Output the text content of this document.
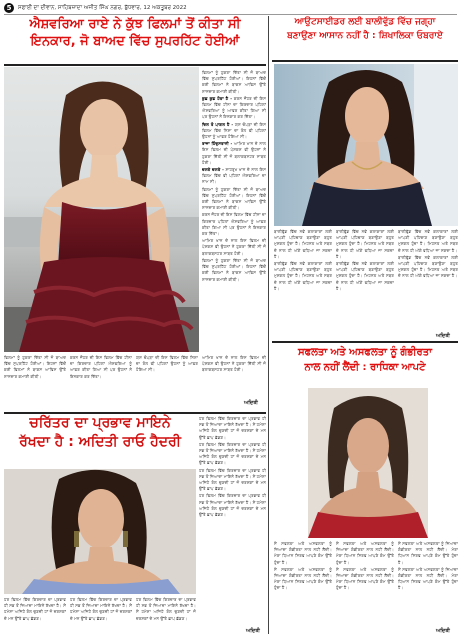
5	ਸਫਾਈ ਦਾ ਦੀਵਾਨ, ਸਾਹਿਬਜ਼ਾਦਾ ਅਜੀਤ ਸਿੰਘ ਨਗਰ, ਬੁੱਧਵਾਰ, 12 ਅਕਤੂਬਰ 2022
ਐਸ਼ਵਰਿਆ ਰਾਏ ਨੇ ਕੁੱਝ ਫਿਲਮਾਂ ਤੋਂ ਕੀਤਾ ਸੀ
ਇਨਕਾਰ, ਜੋ ਬਾਅਦ ਵਿੱਚ ਸੁਪਰਹਿੱਟ ਹੋਈਆਂ

ਫਿਲਮਾਂ ਨੂੰ ਠੁਕਰਾ ਦਿੱਤਾ ਸੀ ਜੋ ਬਾਅਦ ਵਿੱਚ ਸੁਪਰਹਿੱਟ ਹੋਈਆਂ। ਇਹਨਾਂ ਵਿੱਚੋਂ ਕਈ ਫਿਲਮਾਂ ਨੇ ਬਾਕਸ ਆਫਿਸ ਉੱਤੇ ਸ਼ਾਨਦਾਰ ਕਮਾਈ ਕੀਤੀ।

ਕੁਛ ਕੁਛ ਹੋਤਾ ਹੈ - ਕਰਨ ਜੌਹਰ ਦੀ ਇਸ ਫਿਲਮ ਵਿੱਚ ਟੀਨਾ ਦਾ ਕਿਰਦਾਰ ਪਹਿਲਾਂ ਐਸ਼ਵਰਿਆ ਨੂੰ ਆਫਰ ਕੀਤਾ ਗਿਆ ਸੀ ਪਰ ਉਹਨਾਂ ਨੇ ਇਨਕਾਰ ਕਰ ਦਿੱਤਾ।

ਦਿਲ ਤੋ ਪਾਗਲ ਹੈ - ਯਸ਼ ਚੋਪੜਾ ਦੀ ਇਸ ਫਿਲਮ ਵਿੱਚ ਨਿਸ਼ਾ ਦਾ ਰੋਲ ਵੀ ਪਹਿਲਾਂ ਉਹਨਾਂ ਨੂੰ ਆਫਰ ਹੋਇਆ ਸੀ।

ਰਾਜਾ ਹਿੰਦੁਸਤਾਨੀ - ਆਮਿਰ ਖਾਨ ਦੇ ਨਾਲ ਇਸ ਫਿਲਮ ਦੀ ਪੇਸ਼ਕਸ਼ ਵੀ ਉਹਨਾਂ ਨੇ ਠੁਕਰਾ ਦਿੱਤੀ ਸੀ ਜੋ ਬਲਾਕਬਸਟਰ ਸਾਬਤ ਹੋਈ।

ਚਲਤੇ ਚਲਤੇ - ਸ਼ਾਹਰੁਖ ਖਾਨ ਦੇ ਨਾਲ ਇਸ ਫਿਲਮ ਵਿੱਚ ਵੀ ਪਹਿਲਾਂ ਐਸ਼ਵਰਿਆ ਦਾ ਨਾਮ ਸੀ।

ਫਿਲਮਾਂ ਨੂੰ ਠੁਕਰਾ ਦਿੱਤਾ ਸੀ ਜੋ ਬਾਅਦ ਵਿੱਚ ਸੁਪਰਹਿੱਟ ਹੋਈਆਂ। ਇਹਨਾਂ ਵਿੱਚੋਂ ਕਈ ਫਿਲਮਾਂ ਨੇ ਬਾਕਸ ਆਫਿਸ ਉੱਤੇ ਸ਼ਾਨਦਾਰ ਕਮਾਈ ਕੀਤੀ।

ਕਰਨ ਜੌਹਰ ਦੀ ਇਸ ਫਿਲਮ ਵਿੱਚ ਟੀਨਾ ਦਾ ਕਿਰਦਾਰ ਪਹਿਲਾਂ ਐਸ਼ਵਰਿਆ ਨੂੰ ਆਫਰ ਕੀਤਾ ਗਿਆ ਸੀ ਪਰ ਉਹਨਾਂ ਨੇ ਇਨਕਾਰ ਕਰ ਦਿੱਤਾ।

ਆਮਿਰ ਖਾਨ ਦੇ ਨਾਲ ਇਸ ਫਿਲਮ ਦੀ ਪੇਸ਼ਕਸ਼ ਵੀ ਉਹਨਾਂ ਨੇ ਠੁਕਰਾ ਦਿੱਤੀ ਸੀ ਜੋ ਬਲਾਕਬਸਟਰ ਸਾਬਤ ਹੋਈ।

ਫਿਲਮਾਂ ਨੂੰ ਠੁਕਰਾ ਦਿੱਤਾ ਸੀ ਜੋ ਬਾਅਦ ਵਿੱਚ ਸੁਪਰਹਿੱਟ ਹੋਈਆਂ। ਇਹਨਾਂ ਵਿੱਚੋਂ ਕਈ ਫਿਲਮਾਂ ਨੇ ਬਾਕਸ ਆਫਿਸ ਉੱਤੇ ਸ਼ਾਨਦਾਰ ਕਮਾਈ ਕੀਤੀ।

ਫਿਲਮਾਂ ਨੂੰ ਠੁਕਰਾ ਦਿੱਤਾ ਸੀ ਜੋ ਬਾਅਦ ਵਿੱਚ ਸੁਪਰਹਿੱਟ ਹੋਈਆਂ। ਇਹਨਾਂ ਵਿੱਚੋਂ ਕਈ ਫਿਲਮਾਂ ਨੇ ਬਾਕਸ ਆਫਿਸ ਉੱਤੇ ਸ਼ਾਨਦਾਰ ਕਮਾਈ ਕੀਤੀ।

ਕਰਨ ਜੌਹਰ ਦੀ ਇਸ ਫਿਲਮ ਵਿੱਚ ਟੀਨਾ ਦਾ ਕਿਰਦਾਰ ਪਹਿਲਾਂ ਐਸ਼ਵਰਿਆ ਨੂੰ ਆਫਰ ਕੀਤਾ ਗਿਆ ਸੀ ਪਰ ਉਹਨਾਂ ਨੇ ਇਨਕਾਰ ਕਰ ਦਿੱਤਾ।

ਯਸ਼ ਚੋਪੜਾ ਦੀ ਇਸ ਫਿਲਮ ਵਿੱਚ ਨਿਸ਼ਾ ਦਾ ਰੋਲ ਵੀ ਪਹਿਲਾਂ ਉਹਨਾਂ ਨੂੰ ਆਫਰ ਹੋਇਆ ਸੀ।

ਆਮਿਰ ਖਾਨ ਦੇ ਨਾਲ ਇਸ ਫਿਲਮ ਦੀ ਪੇਸ਼ਕਸ਼ ਵੀ ਉਹਨਾਂ ਨੇ ਠੁਕਰਾ ਦਿੱਤੀ ਸੀ ਜੋ ਬਲਾਕਬਸਟਰ ਸਾਬਤ ਹੋਈ।

ਅਦਿਤੀ
ਆਉਟਸਾਈਡਰ ਲਈ ਬਾਲੀਵੁੱਡ ਵਿੱਚ ਜਗ੍ਹਾ
ਬਣਾਉਣਾ ਆਸਾਨ ਨਹੀਂ ਹੈ : ਸ਼ਿਖਾਲਿਕਾ ਓਬਰਾਏ

ਬਾਲੀਵੁੱਡ ਵਿੱਚ ਨਵੇਂ ਕਲਾਕਾਰਾਂ ਲਈ ਆਪਣੀ ਪਹਿਚਾਣ ਬਣਾਉਣਾ ਬਹੁਤ ਮੁਸ਼ਕਲ ਹੁੰਦਾ ਹੈ। ਮਿਹਨਤ ਅਤੇ ਸਬਰ ਦੇ ਨਾਲ ਹੀ ਅੱਗੇ ਵਧਿਆ ਜਾ ਸਕਦਾ ਹੈ।

ਬਾਲੀਵੁੱਡ ਵਿੱਚ ਨਵੇਂ ਕਲਾਕਾਰਾਂ ਲਈ ਆਪਣੀ ਪਹਿਚਾਣ ਬਣਾਉਣਾ ਬਹੁਤ ਮੁਸ਼ਕਲ ਹੁੰਦਾ ਹੈ। ਮਿਹਨਤ ਅਤੇ ਸਬਰ ਦੇ ਨਾਲ ਹੀ ਅੱਗੇ ਵਧਿਆ ਜਾ ਸਕਦਾ ਹੈ।

ਬਾਲੀਵੁੱਡ ਵਿੱਚ ਨਵੇਂ ਕਲਾਕਾਰਾਂ ਲਈ ਆਪਣੀ ਪਹਿਚਾਣ ਬਣਾਉਣਾ ਬਹੁਤ ਮੁਸ਼ਕਲ ਹੁੰਦਾ ਹੈ। ਮਿਹਨਤ ਅਤੇ ਸਬਰ ਦੇ ਨਾਲ ਹੀ ਅੱਗੇ ਵਧਿਆ ਜਾ ਸਕਦਾ ਹੈ।

ਬਾਲੀਵੁੱਡ ਵਿੱਚ ਨਵੇਂ ਕਲਾਕਾਰਾਂ ਲਈ ਆਪਣੀ ਪਹਿਚਾਣ ਬਣਾਉਣਾ ਬਹੁਤ ਮੁਸ਼ਕਲ ਹੁੰਦਾ ਹੈ। ਮਿਹਨਤ ਅਤੇ ਸਬਰ ਦੇ ਨਾਲ ਹੀ ਅੱਗੇ ਵਧਿਆ ਜਾ ਸਕਦਾ ਹੈ।

ਬਾਲੀਵੁੱਡ ਵਿੱਚ ਨਵੇਂ ਕਲਾਕਾਰਾਂ ਲਈ ਆਪਣੀ ਪਹਿਚਾਣ ਬਣਾਉਣਾ ਬਹੁਤ ਮੁਸ਼ਕਲ ਹੁੰਦਾ ਹੈ। ਮਿਹਨਤ ਅਤੇ ਸਬਰ ਦੇ ਨਾਲ ਹੀ ਅੱਗੇ ਵਧਿਆ ਜਾ ਸਕਦਾ ਹੈ।

ਬਾਲੀਵੁੱਡ ਵਿੱਚ ਨਵੇਂ ਕਲਾਕਾਰਾਂ ਲਈ ਆਪਣੀ ਪਹਿਚਾਣ ਬਣਾਉਣਾ ਬਹੁਤ ਮੁਸ਼ਕਲ ਹੁੰਦਾ ਹੈ। ਮਿਹਨਤ ਅਤੇ ਸਬਰ ਦੇ ਨਾਲ ਹੀ ਅੱਗੇ ਵਧਿਆ ਜਾ ਸਕਦਾ ਹੈ।

ਅਦਿਤੀ
ਚਰਿੱਤਰ ਦਾ ਪ੍ਰਭਾਵ ਮਾਇਨੇ
ਰੱਖਦਾ ਹੈ : ਅਦਿਤੀ ਰਾਓ ਹੈਦਰੀ

ਹਰ ਫਿਲਮ ਵਿੱਚ ਕਿਰਦਾਰ ਦਾ ਪ੍ਰਭਾਵ ਹੀ ਸਭ ਤੋਂ ਜ਼ਿਆਦਾ ਮਾਇਨੇ ਰੱਖਦਾ ਹੈ। ਮੈਂ ਹਮੇਸ਼ਾ ਅਜਿਹੇ ਰੋਲ ਚੁਣਦੀ ਹਾਂ ਜੋ ਦਰਸ਼ਕਾਂ ਦੇ ਮਨ ਉੱਤੇ ਛਾਪ ਛੱਡਣ।

ਹਰ ਫਿਲਮ ਵਿੱਚ ਕਿਰਦਾਰ ਦਾ ਪ੍ਰਭਾਵ ਹੀ ਸਭ ਤੋਂ ਜ਼ਿਆਦਾ ਮਾਇਨੇ ਰੱਖਦਾ ਹੈ। ਮੈਂ ਹਮੇਸ਼ਾ ਅਜਿਹੇ ਰੋਲ ਚੁਣਦੀ ਹਾਂ ਜੋ ਦਰਸ਼ਕਾਂ ਦੇ ਮਨ ਉੱਤੇ ਛਾਪ ਛੱਡਣ।

ਹਰ ਫਿਲਮ ਵਿੱਚ ਕਿਰਦਾਰ ਦਾ ਪ੍ਰਭਾਵ ਹੀ ਸਭ ਤੋਂ ਜ਼ਿਆਦਾ ਮਾਇਨੇ ਰੱਖਦਾ ਹੈ। ਮੈਂ ਹਮੇਸ਼ਾ ਅਜਿਹੇ ਰੋਲ ਚੁਣਦੀ ਹਾਂ ਜੋ ਦਰਸ਼ਕਾਂ ਦੇ ਮਨ ਉੱਤੇ ਛਾਪ ਛੱਡਣ।

ਹਰ ਫਿਲਮ ਵਿੱਚ ਕਿਰਦਾਰ ਦਾ ਪ੍ਰਭਾਵ ਹੀ ਸਭ ਤੋਂ ਜ਼ਿਆਦਾ ਮਾਇਨੇ ਰੱਖਦਾ ਹੈ। ਮੈਂ ਹਮੇਸ਼ਾ ਅਜਿਹੇ ਰੋਲ ਚੁਣਦੀ ਹਾਂ ਜੋ ਦਰਸ਼ਕਾਂ ਦੇ ਮਨ ਉੱਤੇ ਛਾਪ ਛੱਡਣ।

ਹਰ ਫਿਲਮ ਵਿੱਚ ਕਿਰਦਾਰ ਦਾ ਪ੍ਰਭਾਵ ਹੀ ਸਭ ਤੋਂ ਜ਼ਿਆਦਾ ਮਾਇਨੇ ਰੱਖਦਾ ਹੈ। ਮੈਂ ਹਮੇਸ਼ਾ ਅਜਿਹੇ ਰੋਲ ਚੁਣਦੀ ਹਾਂ ਜੋ ਦਰਸ਼ਕਾਂ ਦੇ ਮਨ ਉੱਤੇ ਛਾਪ ਛੱਡਣ।

ਹਰ ਫਿਲਮ ਵਿੱਚ ਕਿਰਦਾਰ ਦਾ ਪ੍ਰਭਾਵ ਹੀ ਸਭ ਤੋਂ ਜ਼ਿਆਦਾ ਮਾਇਨੇ ਰੱਖਦਾ ਹੈ। ਮੈਂ ਹਮੇਸ਼ਾ ਅਜਿਹੇ ਰੋਲ ਚੁਣਦੀ ਹਾਂ ਜੋ ਦਰਸ਼ਕਾਂ ਦੇ ਮਨ ਉੱਤੇ ਛਾਪ ਛੱਡਣ।

ਹਰ ਫਿਲਮ ਵਿੱਚ ਕਿਰਦਾਰ ਦਾ ਪ੍ਰਭਾਵ ਹੀ ਸਭ ਤੋਂ ਜ਼ਿਆਦਾ ਮਾਇਨੇ ਰੱਖਦਾ ਹੈ। ਮੈਂ ਹਮੇਸ਼ਾ ਅਜਿਹੇ ਰੋਲ ਚੁਣਦੀ ਹਾਂ ਜੋ ਦਰਸ਼ਕਾਂ ਦੇ ਮਨ ਉੱਤੇ ਛਾਪ ਛੱਡਣ।

ਅਦਿਤੀ
ਸਫਲਤਾ ਅਤੇ ਅਸਫਲਤਾ ਨੂੰ ਗੰਭੀਰਤਾ
ਨਾਲ ਨਹੀਂ ਲੈਂਦੀ : ਰਾਧਿਕਾ ਆਪਟੇ

ਮੈਂ ਸਫਲਤਾ ਅਤੇ ਅਸਫਲਤਾ ਨੂੰ ਜ਼ਿਆਦਾ ਗੰਭੀਰਤਾ ਨਾਲ ਨਹੀਂ ਲੈਂਦੀ। ਮੇਰਾ ਧਿਆਨ ਸਿਰਫ ਆਪਣੇ ਕੰਮ ਉੱਤੇ ਹੁੰਦਾ ਹੈ।

ਮੈਂ ਸਫਲਤਾ ਅਤੇ ਅਸਫਲਤਾ ਨੂੰ ਜ਼ਿਆਦਾ ਗੰਭੀਰਤਾ ਨਾਲ ਨਹੀਂ ਲੈਂਦੀ। ਮੇਰਾ ਧਿਆਨ ਸਿਰਫ ਆਪਣੇ ਕੰਮ ਉੱਤੇ ਹੁੰਦਾ ਹੈ।

ਮੈਂ ਸਫਲਤਾ ਅਤੇ ਅਸਫਲਤਾ ਨੂੰ ਜ਼ਿਆਦਾ ਗੰਭੀਰਤਾ ਨਾਲ ਨਹੀਂ ਲੈਂਦੀ। ਮੇਰਾ ਧਿਆਨ ਸਿਰਫ ਆਪਣੇ ਕੰਮ ਉੱਤੇ ਹੁੰਦਾ ਹੈ।

ਮੈਂ ਸਫਲਤਾ ਅਤੇ ਅਸਫਲਤਾ ਨੂੰ ਜ਼ਿਆਦਾ ਗੰਭੀਰਤਾ ਨਾਲ ਨਹੀਂ ਲੈਂਦੀ। ਮੇਰਾ ਧਿਆਨ ਸਿਰਫ ਆਪਣੇ ਕੰਮ ਉੱਤੇ ਹੁੰਦਾ ਹੈ।

ਮੈਂ ਸਫਲਤਾ ਅਤੇ ਅਸਫਲਤਾ ਨੂੰ ਜ਼ਿਆਦਾ ਗੰਭੀਰਤਾ ਨਾਲ ਨਹੀਂ ਲੈਂਦੀ। ਮੇਰਾ ਧਿਆਨ ਸਿਰਫ ਆਪਣੇ ਕੰਮ ਉੱਤੇ ਹੁੰਦਾ ਹੈ।

ਮੈਂ ਸਫਲਤਾ ਅਤੇ ਅਸਫਲਤਾ ਨੂੰ ਜ਼ਿਆਦਾ ਗੰਭੀਰਤਾ ਨਾਲ ਨਹੀਂ ਲੈਂਦੀ। ਮੇਰਾ ਧਿਆਨ ਸਿਰਫ ਆਪਣੇ ਕੰਮ ਉੱਤੇ ਹੁੰਦਾ ਹੈ।

ਅਦਿਤੀ
